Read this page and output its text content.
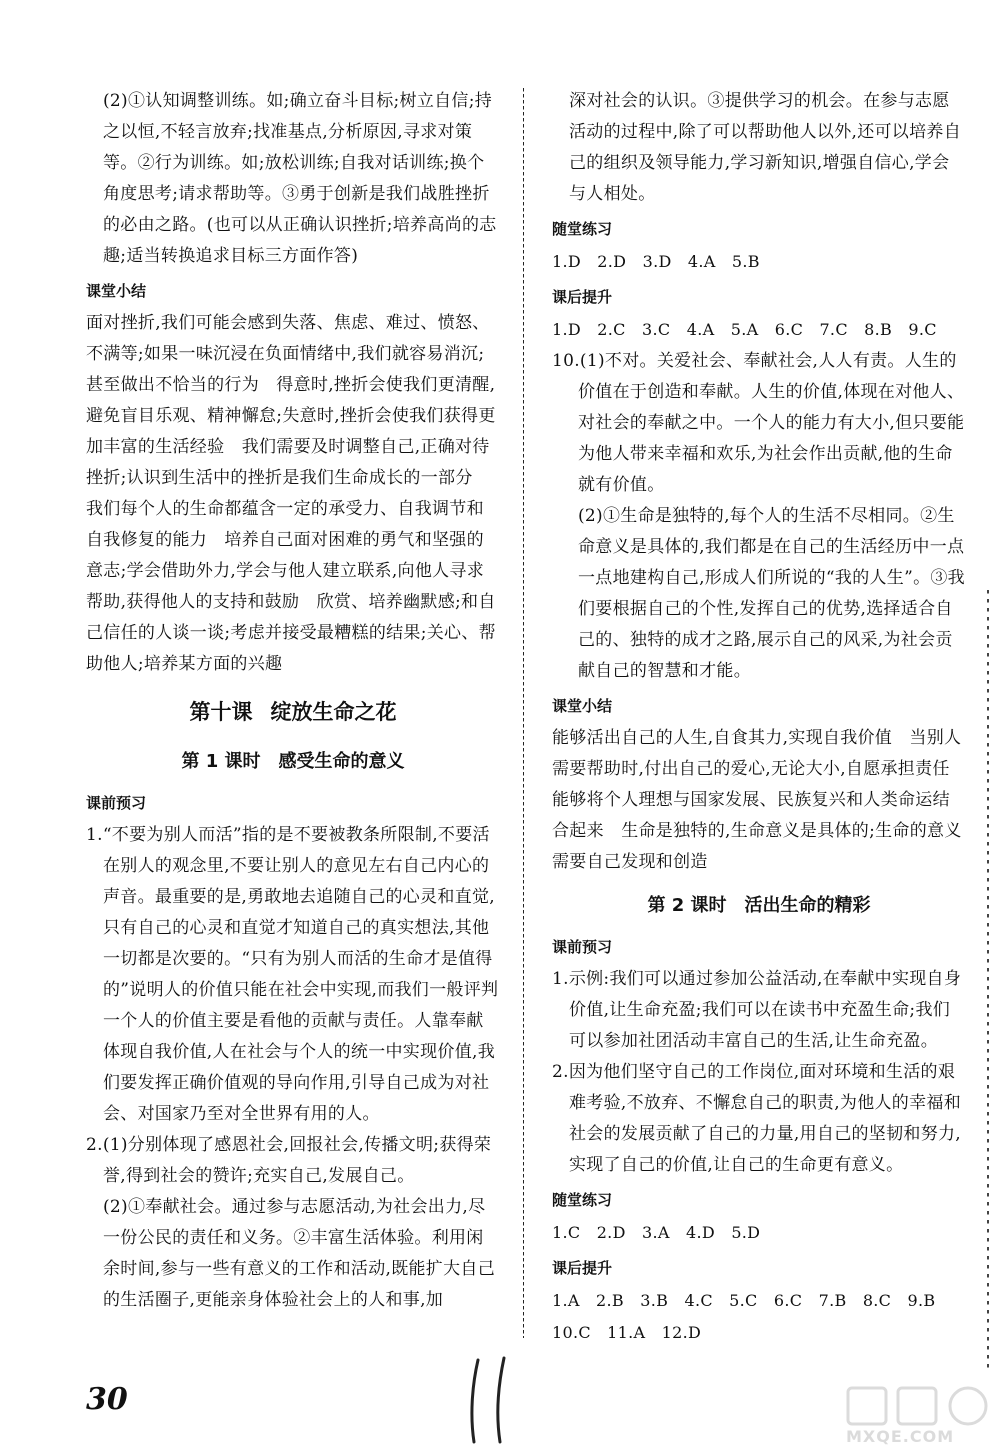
(2)①认知调整训练。如;确立奋斗目标;树立自信;持之以恒,不轻言放弃;找准基点,分析原因,寻求对策等。②行为训练。如;放松训练;自我对话训练;换个角度思考;请求帮助等。③勇于创新是我们战胜挫折的必由之路。(也可以从正确认识挫折;培养高尚的志趣;适当转换追求目标三方面作答)

课堂小结

面对挫折,我们可能会感到失落、焦虑、难过、愤怒、不满等;如果一味沉浸在负面情绪中,我们就容易消沉;甚至做出不恰当的行为　得意时,挫折会使我们更清醒,避免盲目乐观、精神懈怠;失意时,挫折会使我们获得更加丰富的生活经验　我们需要及时调整自己,正确对待挫折;认识到生活中的挫折是我们生命成长的一部分　我们每个人的生命都蕴含一定的承受力、自我调节和自我修复的能力　培养自己面对困难的勇气和坚强的意志;学会借助外力,学会与他人建立联系,向他人寻求帮助,获得他人的支持和鼓励　欣赏、培养幽默感;和自己信任的人谈一谈;考虑并接受最糟糕的结果;关心、帮助他人;培养某方面的兴趣

第十课 绽放生命之花
第 1 课时 感受生命的意义
课前预习

1.“不要为别人而活”指的是不要被教条所限制,不要活在别人的观念里,不要让别人的意见左右自己内心的声音。最重要的是,勇敢地去追随自己的心灵和直觉,只有自己的心灵和直觉才知道自己的真实想法,其他一切都是次要的。“只有为别人而活的生命才是值得的”说明人的价值只能在社会中实现,而我们一般评判一个人的价值主要是看他的贡献与责任。人靠奉献体现自我价值,人在社会与个人的统一中实现价值,我们要发挥正确价值观的导向作用,引导自己成为对社会、对国家乃至对全世界有用的人。

2.(1)分别体现了感恩社会,回报社会,传播文明;获得荣誉,得到社会的赞许;充实自己,发展自己。

(2)①奉献社会。通过参与志愿活动,为社会出力,尽一份公民的责任和义务。②丰富生活体验。利用闲余时间,参与一些有意义的工作和活动,既能扩大自己的生活圈子,更能亲身体验社会上的人和事,加

深对社会的认识。③提供学习的机会。在参与志愿活动的过程中,除了可以帮助他人以外,还可以培养自己的组织及领导能力,学习新知识,增强自信心,学会与人相处。

随堂练习
1.D　2.D　3.D　4.A　5.B
课后提升
1.D　2.C　3.C　4.A　5.A　6.C　7.C　8.B　9.C

10.(1)不对。关爱社会、奉献社会,人人有责。人生的价值在于创造和奉献。人生的价值,体现在对他人、对社会的奉献之中。一个人的能力有大小,但只要能为他人带来幸福和欢乐,为社会作出贡献,他的生命就有价值。

(2)①生命是独特的,每个人的生活不尽相同。②生命意义是具体的,我们都是在自己的生活经历中一点一点地建构自己,形成人们所说的“我的人生”。③我们要根据自己的个性,发挥自己的优势,选择适合自己的、独特的成才之路,展示自己的风采,为社会贡献自己的智慧和才能。

课堂小结

能够活出自己的人生,自食其力,实现自我价值　当别人需要帮助时,付出自己的爱心,无论大小,自愿承担责任　能够将个人理想与国家发展、民族复兴和人类命运结合起来　生命是独特的,生命意义是具体的;生命的意义需要自己发现和创造

第 2 课时 活出生命的精彩
课前预习

1.示例:我们可以通过参加公益活动,在奉献中实现自身价值,让生命充盈;我们可以在读书中充盈生命;我们可以参加社团活动丰富自己的生活,让生命充盈。

2.因为他们坚守自己的工作岗位,面对环境和生活的艰难考验,不放弃、不懈怠自己的职责,为他人的幸福和社会的发展贡献了自己的力量,用自己的坚韧和努力,实现了自己的价值,让自己的生命更有意义。

随堂练习
1.C　2.D　3.A　4.D　5.D
课后提升
1.A　2.B　3.B　4.C　5.C　6.C　7.B　8.C　9.B
10.C　11.A　12.D
30
MXQE.COM
